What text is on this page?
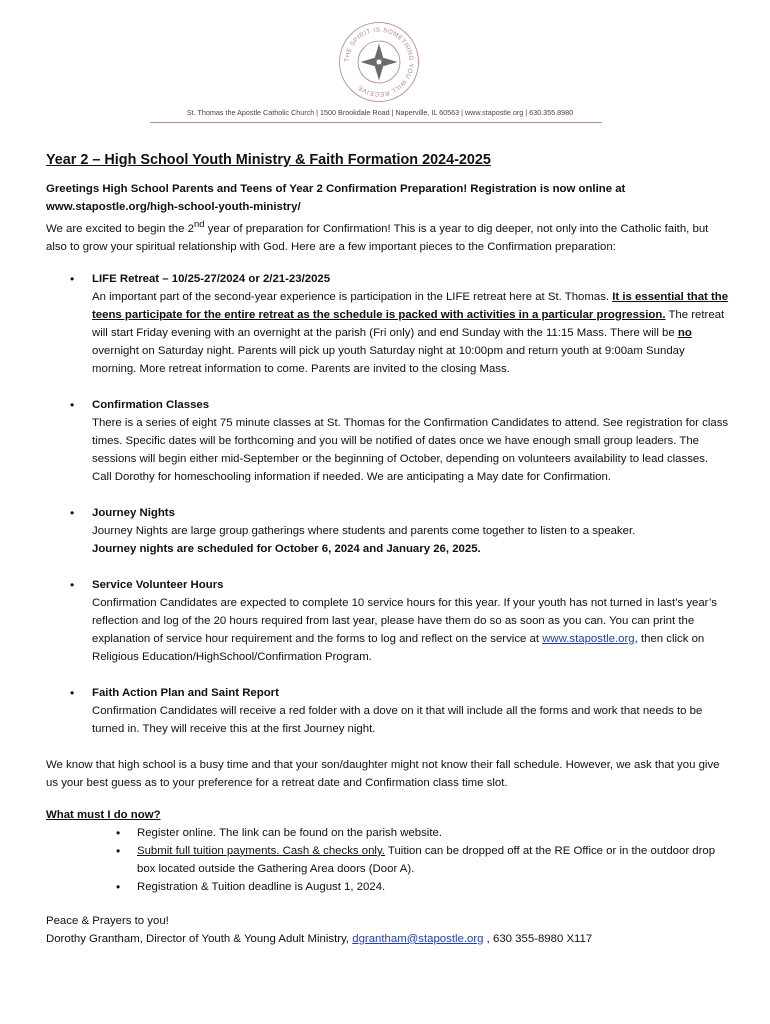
THE SPIRIT IS SOMETHING YOU WILL RECEIVE
St. Thomas the Apostle Catholic Church | 1500 Brookdale Road | Naperville, IL 60563 | www.stapostle.org | 630.355.8980
Year 2 – High School Youth Ministry & Faith Formation 2024-2025

Greetings High School Parents and Teens of Year 2 Confirmation Preparation! Registration is now online at www.stapostle.org/high-school-youth-ministry/

We are excited to begin the 2nd year of preparation for Confirmation! This is a year to dig deeper, not only into the Catholic faith, but also to grow your spiritual relationship with God. Here are a few important pieces to the Confirmation preparation:

• LIFE Retreat – 10/25-27/2024 or 2/21-23/2025
An important part of the second-year experience is participation in the LIFE retreat here at St. Thomas. It is essential that the teens participate for the entire retreat as the schedule is packed with activities in a particular progression. The retreat will start Friday evening with an overnight at the parish (Fri only) and end Sunday with the 11:15 Mass. There will be no overnight on Saturday night. Parents will pick up youth Saturday night at 10:00pm and return youth at 9:00am Sunday morning. More retreat information to come. Parents are invited to the closing Mass.
• Confirmation Classes
There is a series of eight 75 minute classes at St. Thomas for the Confirmation Candidates to attend. See registration for class times. Specific dates will be forthcoming and you will be notified of dates once we have enough small group leaders. The sessions will begin either mid-September or the beginning of October, depending on volunteers availability to lead classes. Call Dorothy for homeschooling information if needed. We are anticipating a May date for Confirmation.
• Journey Nights
Journey Nights are large group gatherings where students and parents come together to listen to a speaker.
Journey nights are scheduled for October 6, 2024 and January 26, 2025.
• Service Volunteer Hours
Confirmation Candidates are expected to complete 10 service hours for this year. If your youth has not turned in last’s year’s reflection and log of the 20 hours required from last year, please have them do so as soon as you can. You can print the explanation of service hour requirement and the forms to log and reflect on the service at www.stapostle.org, then click on Religious Education/HighSchool/Confirmation Program.
• Faith Action Plan and Saint Report
Confirmation Candidates will receive a red folder with a dove on it that will include all the forms and work that needs to be turned in. They will receive this at the first Journey night.

We know that high school is a busy time and that your son/daughter might not know their fall schedule. However, we ask that you give us your best guess as to your preference for a retreat date and Confirmation class time slot.

What must I do now?

• Register online. The link can be found on the parish website.
• Submit full tuition payments. Cash & checks only. Tuition can be dropped off at the RE Office or in the outdoor drop box located outside the Gathering Area doors (Door A).
• Registration & Tuition deadline is August 1, 2024.

Peace & Prayers to you!

Dorothy Grantham, Director of Youth & Young Adult Ministry, dgrantham@stapostle.org , 630 355-8980 X117
